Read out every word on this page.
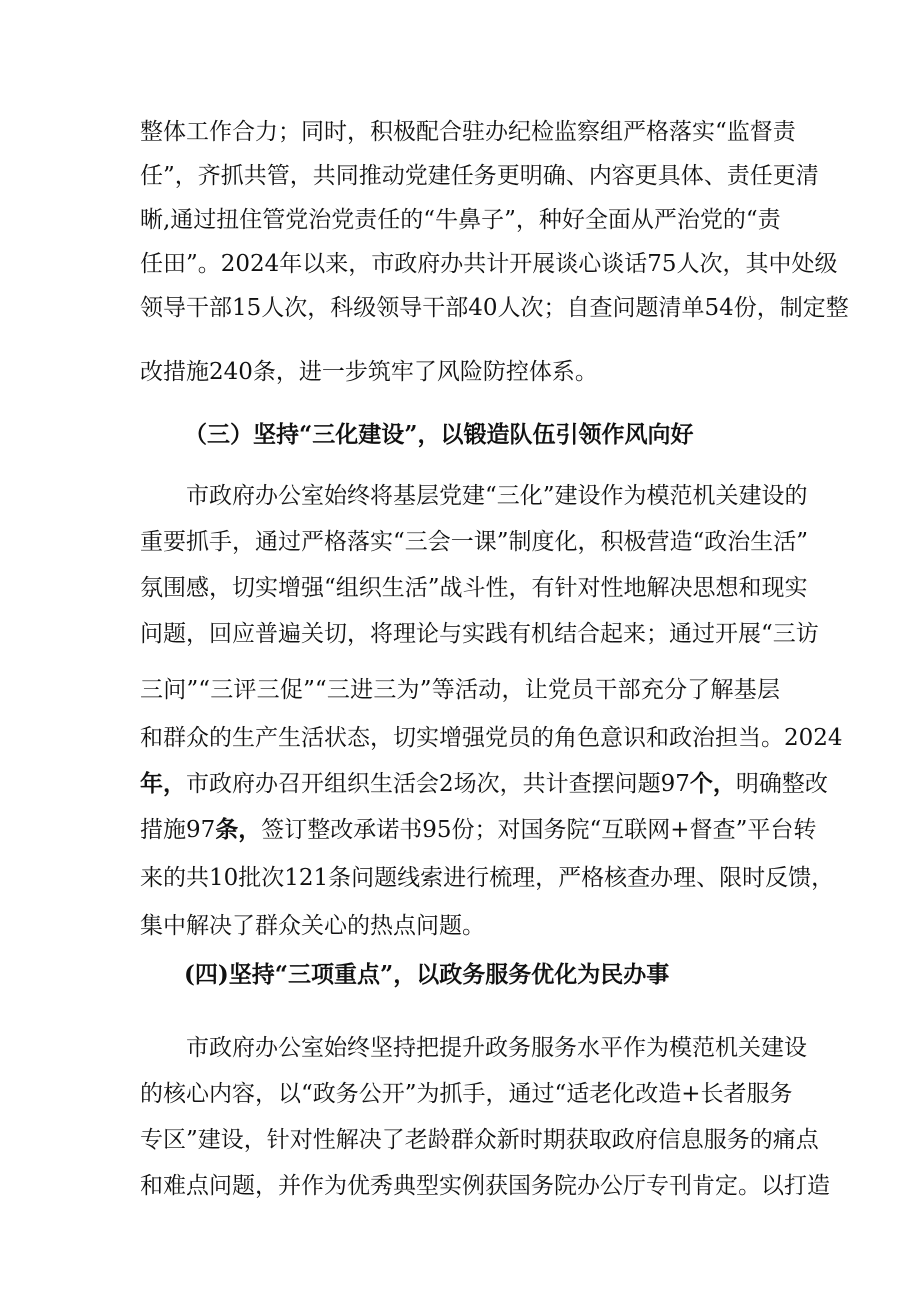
整体工作合力；同时，积极配合驻办纪检监察组严格落实“监督责
任”，齐抓共管，共同推动党建任务更明确、内容更具体、责任更清
晰,通过扭住管党治党责任的“牛鼻子”，种好全面从严治党的“责
任田”。2024年以来，市政府办共计开展谈心谈话75人次，其中处级
领导干部15人次，科级领导干部40人次；自查问题清单54份，制定整
改措施240条，进一步筑牢了风险防控体系。
（三）坚持“三化建设”，以锻造队伍引领作风向好
市政府办公室始终将基层党建“三化”建设作为模范机关建设的
重要抓手，通过严格落实“三会一课”制度化，积极营造“政治生活”
氛围感，切实增强“组织生活”战斗性，有针对性地解决思想和现实
问题，回应普遍关切，将理论与实践有机结合起来；通过开展“三访
三问”“三评三促”“三进三为”等活动，让党员干部充分了解基层
和群众的生产生活状态，切实增强党员的角色意识和政治担当。2024
年，市政府办召开组织生活会2场次，共计查摆问题97个，明确整改
措施97条，签订整改承诺书95份；对国务院“互联网+督查”平台转
来的共10批次121条问题线索进行梳理，严格核查办理、限时反馈，
集中解决了群众关心的热点问题。
(四)坚持“三项重点”，以政务服务优化为民办事
市政府办公室始终坚持把提升政务服务水平作为模范机关建设
的核心内容，以“政务公开”为抓手，通过“适老化改造+长者服务
专区”建设，针对性解决了老龄群众新时期获取政府信息服务的痛点
和难点问题，并作为优秀典型实例获国务院办公厅专刊肯定。以打造
